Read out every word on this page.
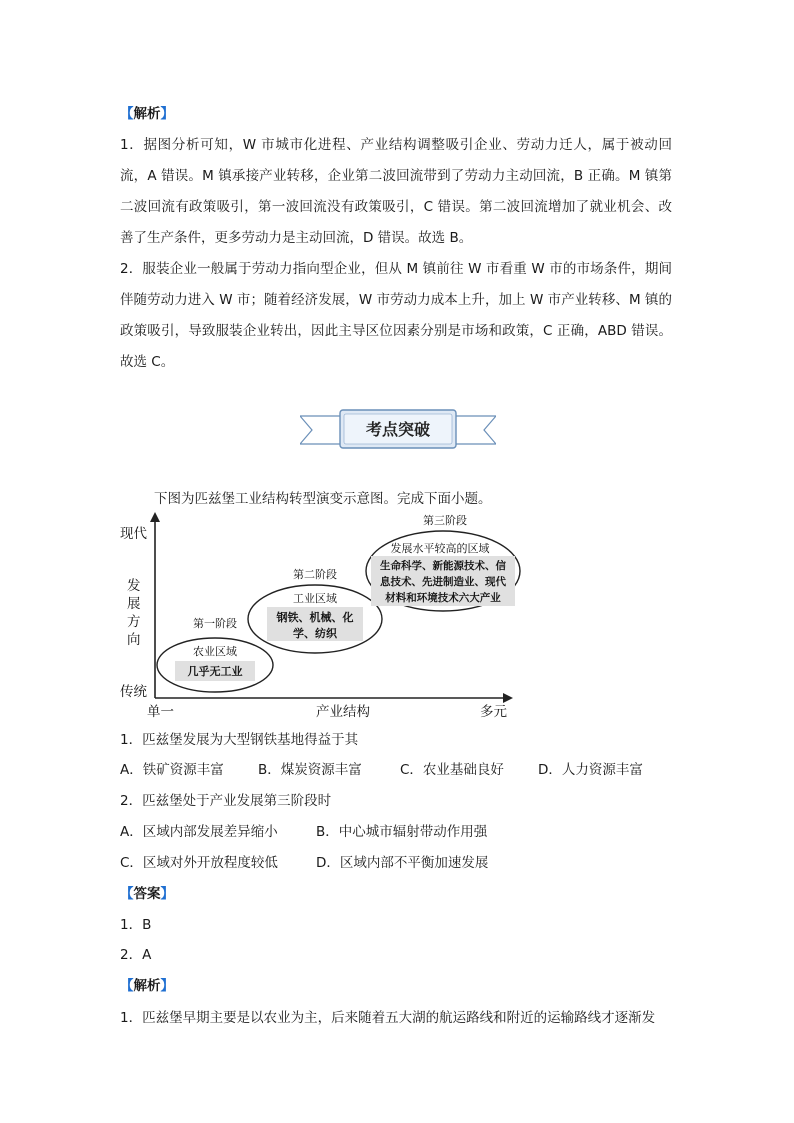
【解析】
1．据图分析可知，W 市城市化进程、产业结构调整吸引企业、劳动力迁人，属于被动回流，A 错误。M 镇承接产业转移，企业第二波回流带到了劳动力主动回流，B 正确。M 镇第二波回流有政策吸引，第一波回流没有政策吸引，C 错误。第二波回流增加了就业机会、改善了生产条件，更多劳动力是主动回流，D 错误。故选 B。
2．服装企业一般属于劳动力指向型企业，但从 M 镇前往 W 市看重 W 市的市场条件，期间伴随劳动力进入 W 市；随着经济发展，W 市劳动力成本上升，加上 W 市产业转移、M 镇的政策吸引，导致服装企业转出，因此主导区位因素分别是市场和政策，C 正确，ABD 错误。故选 C。
考点突破
下图为匹兹堡工业结构转型演变示意图。完成下面小题。
现代
发
展
方
向
传统
单一	产业结构	多元
第一阶段
农业区域
几乎无工业
第二阶段
工业区域
钢铁、机械、化
学、纺织
第三阶段
发展水平较高的区域
生命科学、新能源技术、信
息技术、先进制造业、现代
材料和环境技术六大产业
1．匹兹堡发展为大型钢铁基地得益于其
A．铁矿资源丰富	B．煤炭资源丰富	C．农业基础良好	D．人力资源丰富
2．匹兹堡处于产业发展第三阶段时
A．区域内部发展差异缩小	B．中心城市辐射带动作用强
C．区域对外开放程度较低	D．区域内部不平衡加速发展
【答案】
1．B
2．A
【解析】
1．匹兹堡早期主要是以农业为主，后来随着五大湖的航运路线和附近的运输路线才逐渐发
